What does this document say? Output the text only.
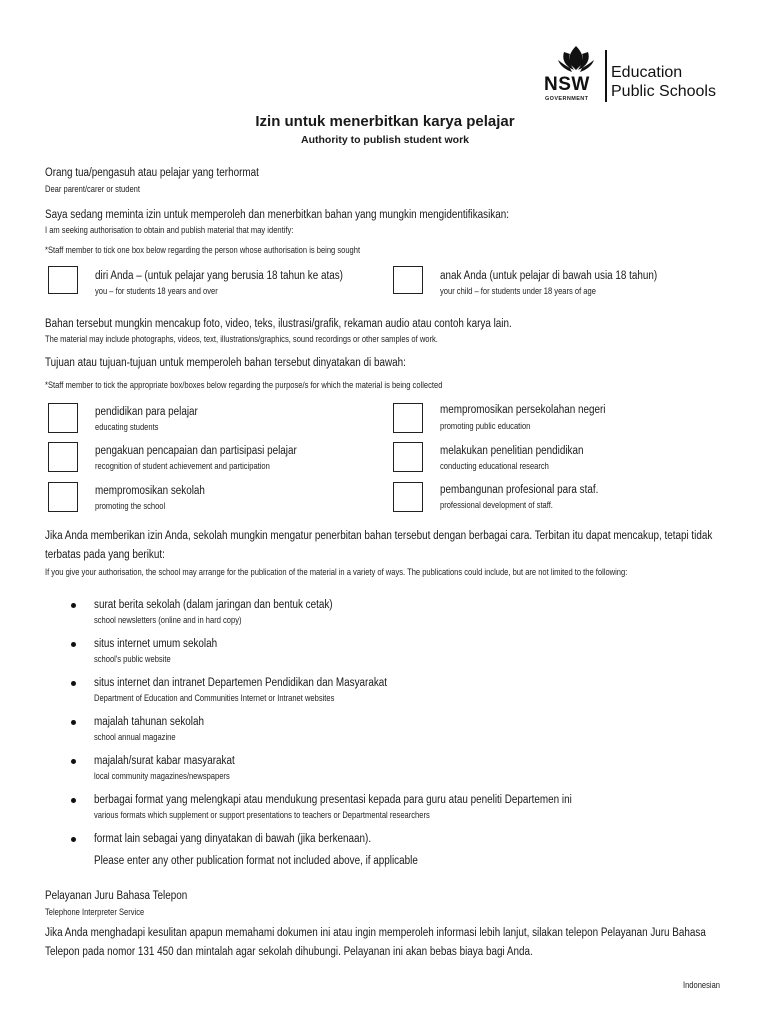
NSW
GOVERNMENT
Education
Public Schools
Izin untuk menerbitkan karya pelajar
Authority to publish student work
Orang tua/pengasuh atau pelajar yang terhormat
Dear parent/carer or student
Saya sedang meminta izin untuk memperoleh dan menerbitkan bahan yang mungkin mengidentifikasikan:
I am seeking authorisation to obtain and publish material that may identify:
*Staff member to tick one box below regarding the person whose authorisation is being sought
diri Anda – (untuk pelajar yang berusia 18 tahun ke atas)
you – for students 18 years and over
anak Anda (untuk pelajar di bawah usia 18 tahun)
your child – for students under 18 years of age
Bahan tersebut mungkin mencakup foto, video, teks, ilustrasi/grafik, rekaman audio atau contoh karya lain.
The material may include photographs, videos, text, illustrations/graphics, sound recordings or other samples of work.
Tujuan atau tujuan-tujuan untuk memperoleh bahan tersebut dinyatakan di bawah:
*Staff member to tick the appropriate box/boxes below regarding the purpose/s for which the material is being collected
pendidikan para pelajar
educating students
mempromosikan persekolahan negeri
promoting public education
pengakuan pencapaian dan partisipasi pelajar
recognition of student achievement and participation
melakukan penelitian pendidikan
conducting educational research
mempromosikan sekolah
promoting the school
pembangunan profesional para staf.
professional development of staff.
Jika Anda memberikan izin Anda, sekolah mungkin mengatur penerbitan bahan tersebut dengan berbagai cara. Terbitan itu dapat mencakup, tetapi tidak terbatas pada yang berikut:
If you give your authorisation, the school may arrange for the publication of the material in a variety of ways. The publications could include, but are not limited to the following:
surat berita sekolah (dalam jaringan dan bentuk cetak)
school newsletters (online and in hard copy)
situs internet umum sekolah
school's public website
situs internet dan intranet Departemen Pendidikan dan Masyarakat
Department of Education and Communities Internet or Intranet websites
majalah tahunan sekolah
school annual magazine
majalah/surat kabar masyarakat
local community magazines/newspapers
berbagai format yang melengkapi atau mendukung presentasi kepada para guru atau peneliti Departemen ini
various formats which supplement or support presentations to teachers or Departmental researchers
format lain sebagai yang dinyatakan di bawah (jika berkenaan).
Please enter any other publication format not included above, if applicable
Pelayanan Juru Bahasa Telepon
Telephone Interpreter Service
Jika Anda menghadapi kesulitan apapun memahami dokumen ini atau ingin memperoleh informasi lebih lanjut, silakan telepon Pelayanan Juru Bahasa Telepon pada nomor 131 450 dan mintalah agar sekolah dihubungi. Pelayanan ini akan bebas biaya bagi Anda.
Indonesian
